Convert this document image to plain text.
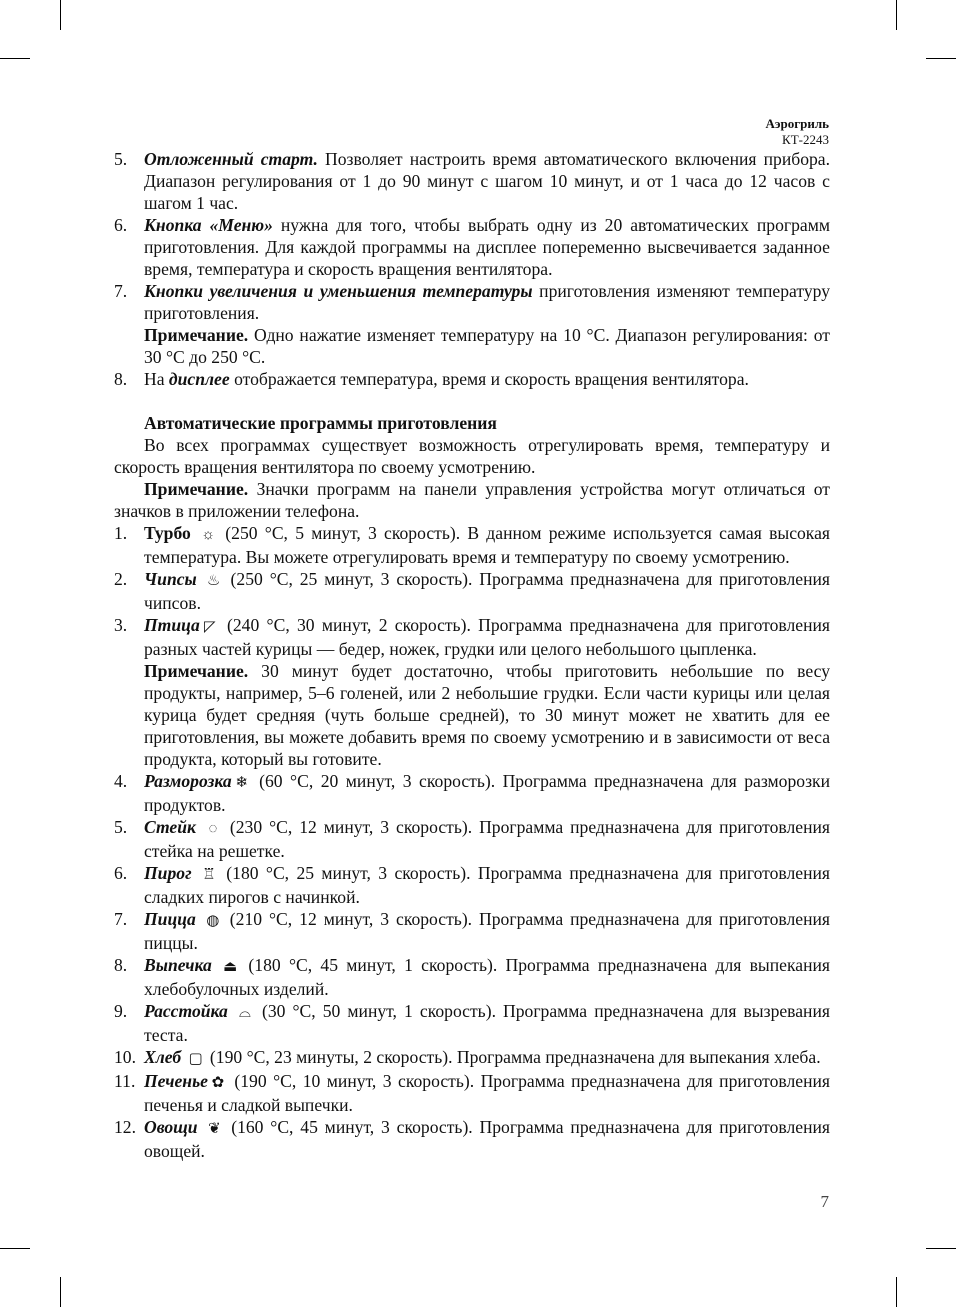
Аэрогриль
КТ-2243
5. Отложенный старт. Позволяет настроить время автоматического включения прибора. Диапазон регулирования от 1 до 90 минут с шагом 10 минут, и от 1 часа до 12 часов с шагом 1 час.
6. Кнопка «Меню» нужна для того, чтобы выбрать одну из 20 автоматических программ приготовления. Для каждой программы на дисплее попеременно высвечивается заданное время, температура и скорость вращения вентилятора.
7. Кнопки увеличения и уменьшения температуры приготовления изменяют температуру приготовления.
Примечание. Одно нажатие изменяет температуру на 10 °С. Диапазон регулирования: от 30 °С до 250 °С.
8. На дисплее отображается температура, время и скорость вращения вентилятора.
Автоматические программы приготовления
Во всех программах существует возможность отрегулировать время, температуру и скорость вращения вентилятора по своему усмотрению.
Примечание. Значки программ на панели управления устройства могут отличаться от значков в приложении телефона.
1. Турбо ☼ (250 °С, 5 минут, 3 скорость). В данном режиме используется самая высокая температура. Вы можете отрегулировать время и температуру по своему усмотрению.
2. Чипсы ♨ (250 °С, 25 минут, 3 скорость). Программа предназначена для приготовления чипсов.
3. Птица ◸ (240 °С, 30 минут, 2 скорость). Программа предназначена для приготовления разных частей курицы — бедер, ножек, грудки или целого небольшого цыпленка.
Примечание. 30 минут будет достаточно, чтобы приготовить небольшие по весу продукты, например, 5–6 голеней, или 2 небольшие грудки. Если части курицы или целая курица будет средняя (чуть больше средней), то 30 минут может не хватить для ее приготовления, вы можете добавить время по своему усмотрению и в зависимости от веса продукта, который вы готовите.
4. Разморозка ❄ (60 °С, 20 минут, 3 скорость). Программа предназначена для разморозки продуктов.
5. Стейк ◌ (230 °С, 12 минут, 3 скорость). Программа предназначена для приготовления стейка на решетке.
6. Пирог ♖ (180 °С, 25 минут, 3 скорость). Программа предназначена для приготовления сладких пирогов с начинкой.
7. Пицца ◍ (210 °С, 12 минут, 3 скорость). Программа предназначена для приготовления пиццы.
8. Выпечка ⏏ (180 °С, 45 минут, 1 скорость). Программа предназначена для выпекания хлебобулочных изделий.
9. Расстойка ⌓ (30 °С, 50 минут, 1 скорость). Программа предназначена для вызревания теста.
10. Хлеб ▢ (190 °С, 23 минуты, 2 скорость). Программа предназначена для выпекания хлеба.
11. Печенье ✿ (190 °С, 10 минут, 3 скорость). Программа предназначена для приготовления печенья и сладкой выпечки.
12. Овощи ❦ (160 °С, 45 минут, 3 скорость). Программа предназначена для приготовления овощей.
7
